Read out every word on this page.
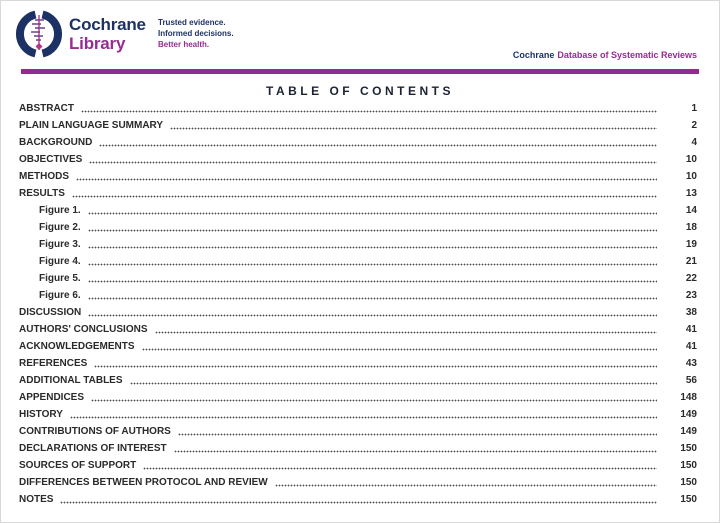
Cochrane
Library
Trusted evidence.
Informed decisions.
Better health.
Cochrane Database of Systematic Reviews
TABLE OF CONTENTS
ABSTRACT	1
PLAIN LANGUAGE SUMMARY	2
BACKGROUND	4
OBJECTIVES	10
METHODS	10
RESULTS	13
Figure 1.	14
Figure 2.	18
Figure 3.	19
Figure 4.	21
Figure 5.	22
Figure 6.	23
DISCUSSION	38
AUTHORS' CONCLUSIONS	41
ACKNOWLEDGEMENTS	41
REFERENCES	43
ADDITIONAL TABLES	56
APPENDICES	148
HISTORY	149
CONTRIBUTIONS OF AUTHORS	149
DECLARATIONS OF INTEREST	150
SOURCES OF SUPPORT	150
DIFFERENCES BETWEEN PROTOCOL AND REVIEW	150
NOTES	150
